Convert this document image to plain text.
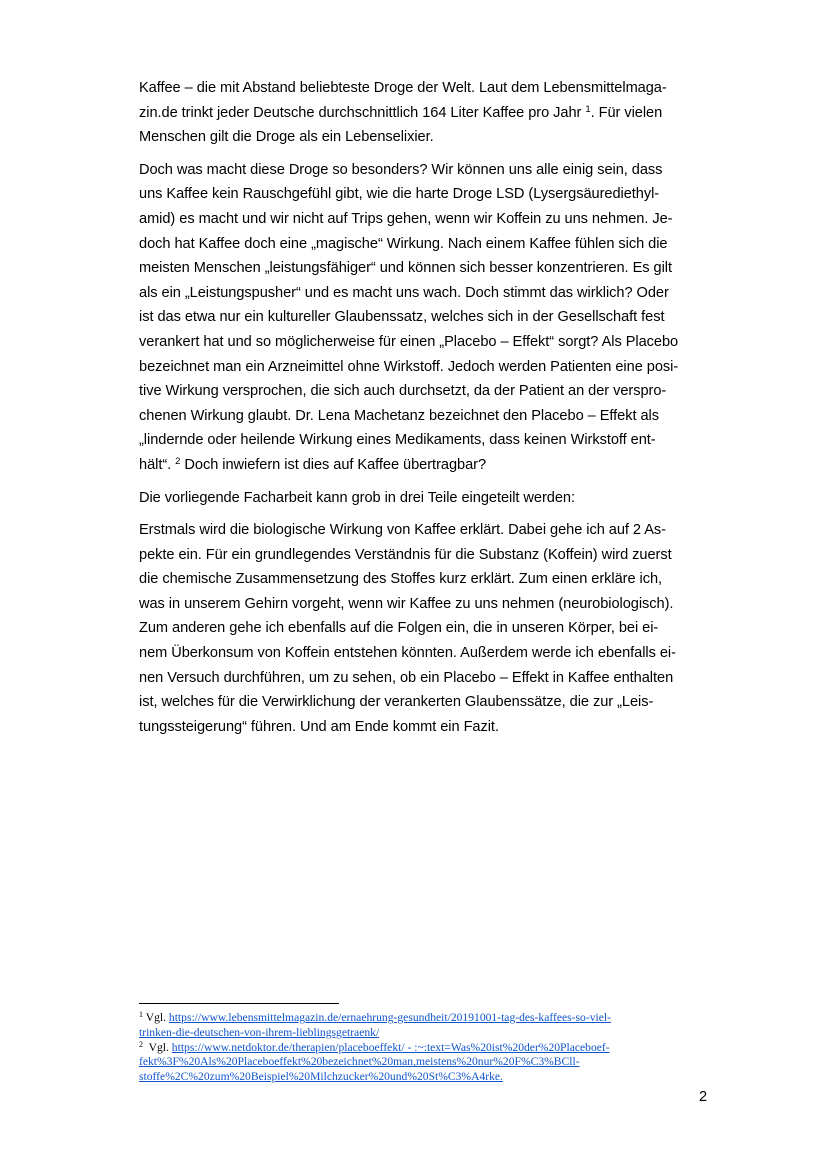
Kaffee – die mit Abstand beliebteste Droge der Welt. Laut dem Lebensmittelmaga-
zin.de trinkt jeder Deutsche durchschnittlich 164 Liter Kaffee pro Jahr $^1$. Für vielen
Menschen gilt die Droge als ein Lebenselixier.

Doch was macht diese Droge so besonders? Wir können uns alle einig sein, dass
uns Kaffee kein Rauschgefühl gibt, wie die harte Droge LSD (Lysergsäurediethyl-
amid) es macht und wir nicht auf Trips gehen, wenn wir Koffein zu uns nehmen. Je-
doch hat Kaffee doch eine „magische“ Wirkung. Nach einem Kaffee fühlen sich die
meisten Menschen „leistungsfähiger“ und können sich besser konzentrieren. Es gilt
als ein „Leistungspusher“ und es macht uns wach. Doch stimmt das wirklich? Oder
ist das etwa nur ein kultureller Glaubenssatz, welches sich in der Gesellschaft fest
verankert hat und so möglicherweise für einen „Placebo – Effekt“ sorgt? Als Placebo
bezeichnet man ein Arzneimittel ohne Wirkstoff. Jedoch werden Patienten eine posi-
tive Wirkung versprochen, die sich auch durchsetzt, da der Patient an der verspro-
chenen Wirkung glaubt. Dr. Lena Machetanz bezeichnet den Placebo – Effekt als
„lindernde oder heilende Wirkung eines Medikaments, dass keinen Wirkstoff ent-
hält“. $^2$ Doch inwiefern ist dies auf Kaffee übertragbar?

Die vorliegende Facharbeit kann grob in drei Teile eingeteilt werden:

Erstmals wird die biologische Wirkung von Kaffee erklärt. Dabei gehe ich auf 2 As-
pekte ein. Für ein grundlegendes Verständnis für die Substanz (Koffein) wird zuerst
die chemische Zusammensetzung des Stoffes kurz erklärt. Zum einen erkläre ich,
was in unserem Gehirn vorgeht, wenn wir Kaffee zu uns nehmen (neurobiologisch).
Zum anderen gehe ich ebenfalls auf die Folgen ein, die in unseren Körper, bei ei-
nem Überkonsum von Koffein entstehen könnten. Außerdem werde ich ebenfalls ei-
nen Versuch durchführen, um zu sehen, ob ein Placebo – Effekt in Kaffee enthalten
ist, welches für die Verwirklichung der verankerten Glaubenssätze, die zur „Leis-
tungssteigerung“ führen. Und am Ende kommt ein Fazit.

$^1$ Vgl. https://www.lebensmittelmagazin.de/ernaehrung-gesundheit/20191001-tag-des-kaffees-so-viel-
trinken-die-deutschen-von-ihrem-lieblingsgetraenk/
$^2$ Vgl. https://www.netdoktor.de/therapien/placeboeffekt/ - :~:text=Was%20ist%20der%20Placeboef-
fekt%3F%20Als%20Placeboeffekt%20bezeichnet%20man,meistens%20nur%20F%C3%BCll-
stoffe%2C%20zum%20Beispiel%20Milchzucker%20und%20St%C3%A4rke.
2
